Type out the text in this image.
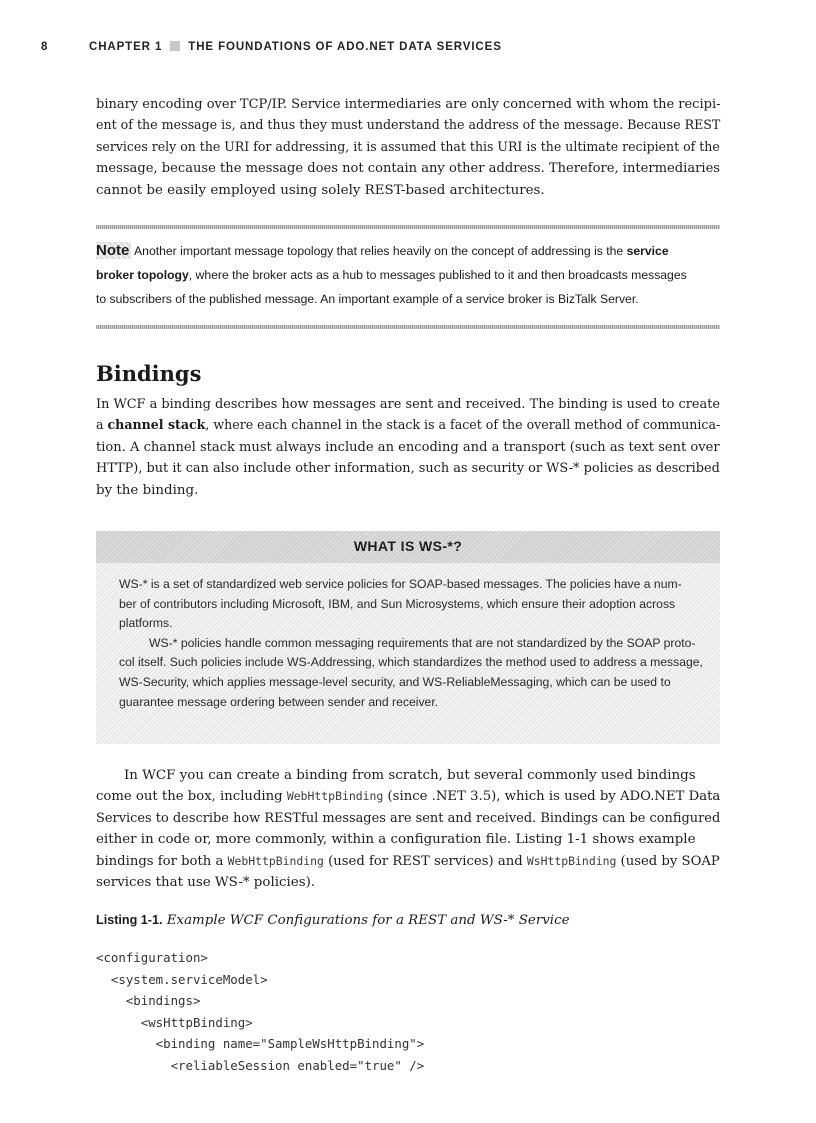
8	CHAPTER 1 THE FOUNDATIONS OF ADO.NET DATA SERVICES
binary encoding over TCP/IP. Service intermediaries are only concerned with whom the recipi-
ent of the message is, and thus they must understand the address of the message. Because REST
services rely on the URI for addressing, it is assumed that this URI is the ultimate recipient of the
message, because the message does not contain any other address. Therefore, intermediaries
cannot be easily employed using solely REST-based architectures.
Note Another important message topology that relies heavily on the concept of addressing is the service
broker topology, where the broker acts as a hub to messages published to it and then broadcasts messages
to subscribers of the published message. An important example of a service broker is BizTalk Server.
Bindings
In WCF a binding describes how messages are sent and received. The binding is used to create
a channel stack, where each channel in the stack is a facet of the overall method of communica-
tion. A channel stack must always include an encoding and a transport (such as text sent over
HTTP), but it can also include other information, such as security or WS-* policies as described
by the binding.
WHAT IS WS-*?
WS-* is a set of standardized web service policies for SOAP-based messages. The policies have a num-
ber of contributors including Microsoft, IBM, and Sun Microsystems, which ensure their adoption across
platforms.
WS-* policies handle common messaging requirements that are not standardized by the SOAP proto-
col itself. Such policies include WS-Addressing, which standardizes the method used to address a message,
WS-Security, which applies message-level security, and WS-ReliableMessaging, which can be used to
guarantee message ordering between sender and receiver.
In WCF you can create a binding from scratch, but several commonly used bindings
come out the box, including WebHttpBinding (since .NET 3.5), which is used by ADO.NET Data
Services to describe how RESTful messages are sent and received. Bindings can be configured
either in code or, more commonly, within a configuration file. Listing 1-1 shows example
bindings for both a WebHttpBinding (used for REST services) and WsHttpBinding (used by SOAP
services that use WS-* policies).
Listing 1-1. Example WCF Configurations for a REST and WS-* Service
<configuration>
<system.serviceModel>
<bindings>
<wsHttpBinding>
<binding name="SampleWsHttpBinding">
<reliableSession enabled="true" />
